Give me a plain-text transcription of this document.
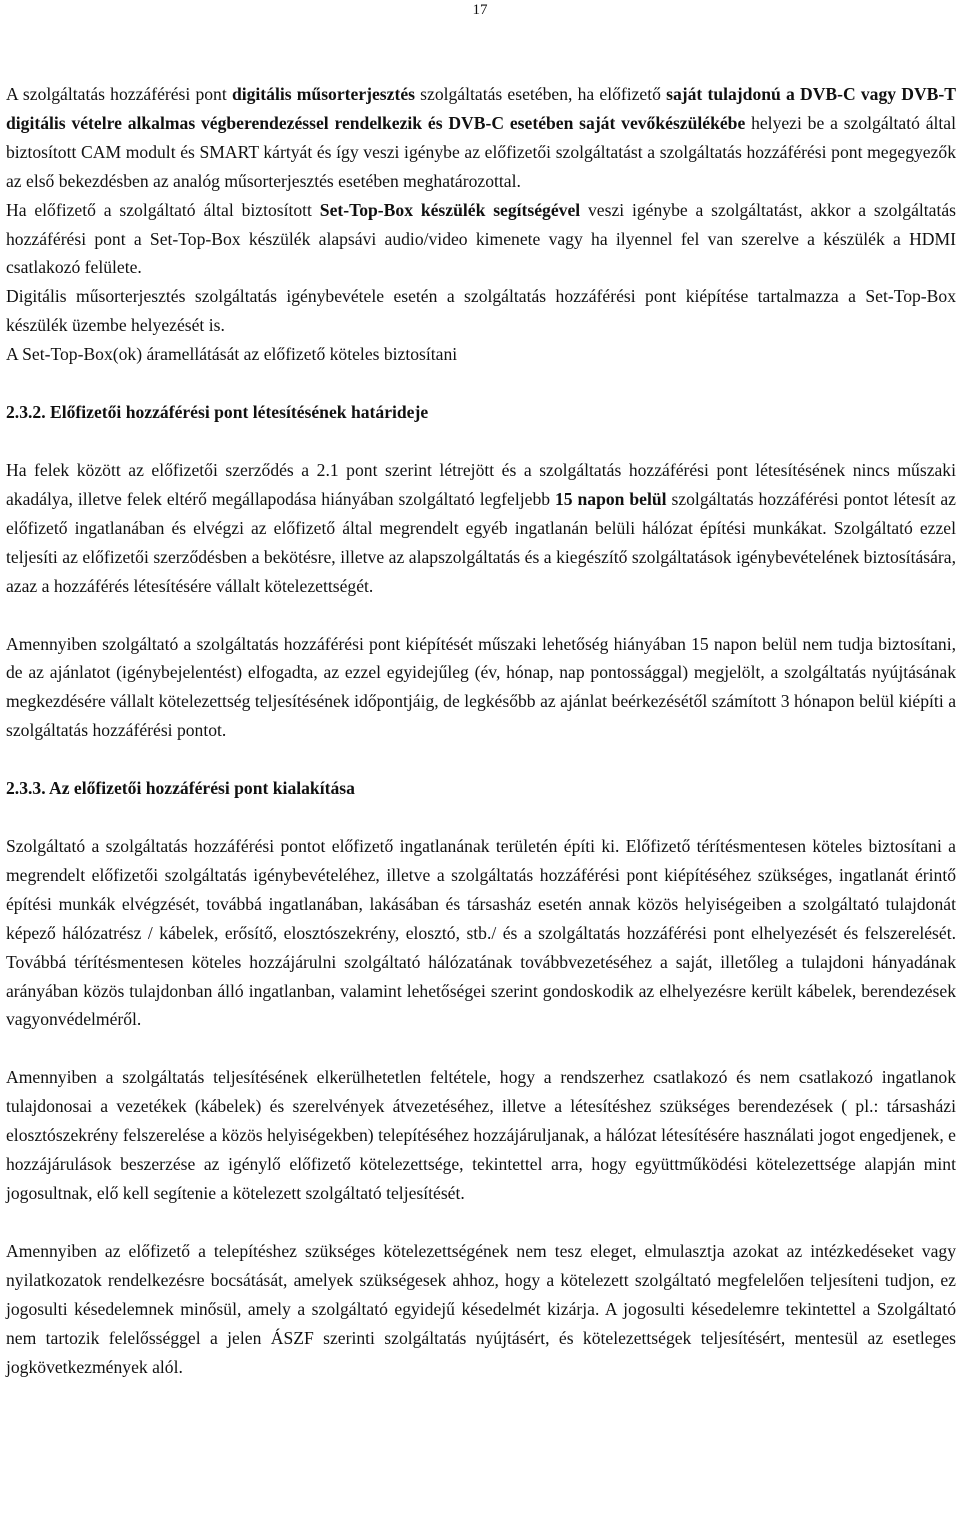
17

A szolgáltatás hozzáférési pont digitális műsorterjesztés szolgáltatás esetében, ha előfizető saját tulajdonú a DVB-C vagy DVB-T digitális vételre alkalmas végberendezéssel rendelkezik és DVB-C esetében saját vevőkészülékébe helyezi be a szolgáltató által biztosított CAM modult és SMART kártyát és így veszi igénybe az előfizetői szolgáltatást a szolgáltatás hozzáférési pont megegyezők az első bekezdésben az analóg műsorterjesztés esetében meghatározottal.

Ha előfizető a szolgáltató által biztosított Set-Top-Box készülék segítségével veszi igénybe a szolgáltatást, akkor a szolgáltatás hozzáférési pont a Set-Top-Box készülék alapsávi audio/video kimenete vagy ha ilyennel fel van szerelve a készülék a HDMI csatlakozó felülete.

Digitális műsorterjesztés szolgáltatás igénybevétele esetén a szolgáltatás hozzáférési pont kiépítése tartalmazza a Set-Top-Box készülék üzembe helyezését is.

A Set-Top-Box(ok) áramellátását az előfizető köteles biztosítani

2.3.2. Előfizetői hozzáférési pont létesítésének határideje

Ha felek között az előfizetői szerződés a 2.1 pont szerint létrejött és a szolgáltatás hozzáférési pont létesítésének nincs műszaki akadálya, illetve felek eltérő megállapodása hiányában szolgáltató legfeljebb 15 napon belül szolgáltatás hozzáférési pontot létesít az előfizető ingatlanában és elvégzi az előfizető által megrendelt egyéb ingatlanán belüli hálózat építési munkákat. Szolgáltató ezzel teljesíti az előfizetői szerződésben a bekötésre, illetve az alapszolgáltatás és a kiegészítő szolgáltatások igénybevételének biztosítására, azaz a hozzáférés létesítésére vállalt kötelezettségét.

Amennyiben szolgáltató a szolgáltatás hozzáférési pont kiépítését műszaki lehetőség hiányában 15 napon belül nem tudja biztosítani, de az ajánlatot (igénybejelentést) elfogadta, az ezzel egyidejűleg (év, hónap, nap pontossággal) megjelölt, a szolgáltatás nyújtásának megkezdésére vállalt kötelezettség teljesítésének időpontjáig, de legkésőbb az ajánlat beérkezésétől számított 3 hónapon belül kiépíti a szolgáltatás hozzáférési pontot.

2.3.3. Az előfizetői hozzáférési pont kialakítása

Szolgáltató a szolgáltatás hozzáférési pontot előfizető ingatlanának területén építi ki. Előfizető térítésmentesen köteles biztosítani a megrendelt előfizetői szolgáltatás igénybevételéhez, illetve a szolgáltatás hozzáférési pont kiépítéséhez szükséges, ingatlanát érintő építési munkák elvégzését, továbbá ingatlanában, lakásában és társasház esetén annak közös helyiségeiben a szolgáltató tulajdonát képező hálózatrész / kábelek, erősítő, elosztószekrény, elosztó, stb./ és a szolgáltatás hozzáférési pont elhelyezését és felszerelését. Továbbá térítésmentesen köteles hozzájárulni szolgáltató hálózatának továbbvezetéséhez a saját, illetőleg a tulajdoni hányadának arányában közös tulajdonban álló ingatlanban, valamint lehetőségei szerint gondoskodik az elhelyezésre került kábelek, berendezések vagyonvédelméről.

Amennyiben a szolgáltatás teljesítésének elkerülhetetlen feltétele, hogy a rendszerhez csatlakozó és nem csatlakozó ingatlanok tulajdonosai a vezetékek (kábelek) és szerelvények átvezetéséhez, illetve a létesítéshez szükséges berendezések ( pl.: társasházi elosztószekrény felszerelése a közös helyiségekben) telepítéséhez hozzájáruljanak, a hálózat létesítésére használati jogot engedjenek, e hozzájárulások beszerzése az igénylő előfizető kötelezettsége, tekintettel arra, hogy együttműködési kötelezettsége alapján mint jogosultnak, elő kell segítenie a kötelezett szolgáltató teljesítését.

Amennyiben az előfizető a telepítéshez szükséges kötelezettségének nem tesz eleget, elmulasztja azokat az intézkedéseket vagy nyilatkozatok rendelkezésre bocsátását, amelyek szükségesek ahhoz, hogy a kötelezett szolgáltató megfelelően teljesíteni tudjon, ez jogosulti késedelemnek minősül, amely a szolgáltató egyidejű késedelmét kizárja. A jogosulti késedelemre tekintettel a Szolgáltató nem tartozik felelősséggel a jelen ÁSZF szerinti szolgáltatás nyújtásért, és kötelezettségek teljesítésért, mentesül az esetleges jogkövetkezmények alól.
